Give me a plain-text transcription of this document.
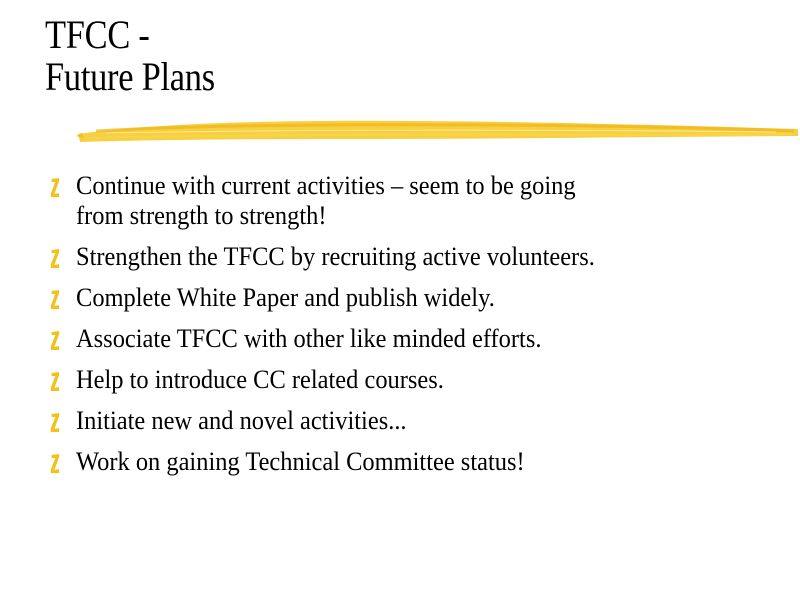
TFCC -
Future Plans
Continue with current activities – seem to be going
from strength to strength!
Strengthen the TFCC by recruiting active volunteers.
Complete White Paper and publish widely.
Associate TFCC with other like minded efforts.
Help to introduce CC related courses.
Initiate new and novel activities...
Work on gaining Technical Committee status!
